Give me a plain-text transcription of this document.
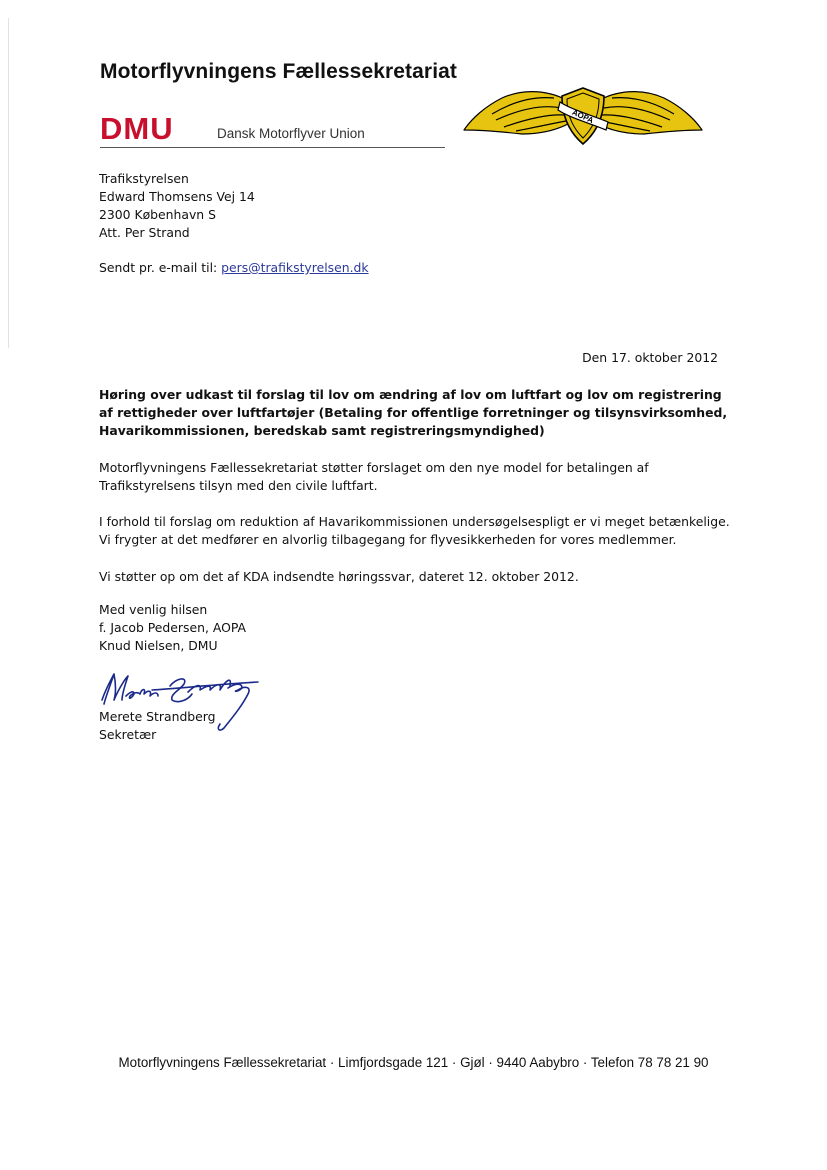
Motorflyvningens Fællessekretariat
DMU	Dansk Motorflyver Union
AOPA
Trafikstyrelsen
Edward Thomsens Vej 14
2300 København S
Att. Per Strand

Sendt pr. e-mail til: pers@trafikstyrelsen.dk

Den 17. oktober 2012

Høring over udkast til forslag til lov om ændring af lov om luftfart og lov om registrering af rettigheder over luftfartøjer (Betaling for offentlige forretninger og tilsynsvirksomhed, Havarikommissionen, beredskab samt registreringsmyndighed)

Motorflyvningens Fællessekretariat støtter forslaget om den nye model for betalingen af Trafikstyrelsens tilsyn med den civile luftfart.

I forhold til forslag om reduktion af Havarikommissionen undersøgelsespligt er vi meget betænkelige. Vi frygter at det medfører en alvorlig tilbagegang for flyvesikkerheden for vores medlemmer.

Vi støtter op om det af KDA indsendte høringssvar, dateret 12. oktober 2012.

Med venlig hilsen
f. Jacob Pedersen, AOPA
Knud Nielsen, DMU
Merete Strandberg
Sekretær

Motorflyvningens Fællessekretariat · Limfjordsgade 121 · Gjøl · 9440 Aabybro · Telefon 78 78 21 90
